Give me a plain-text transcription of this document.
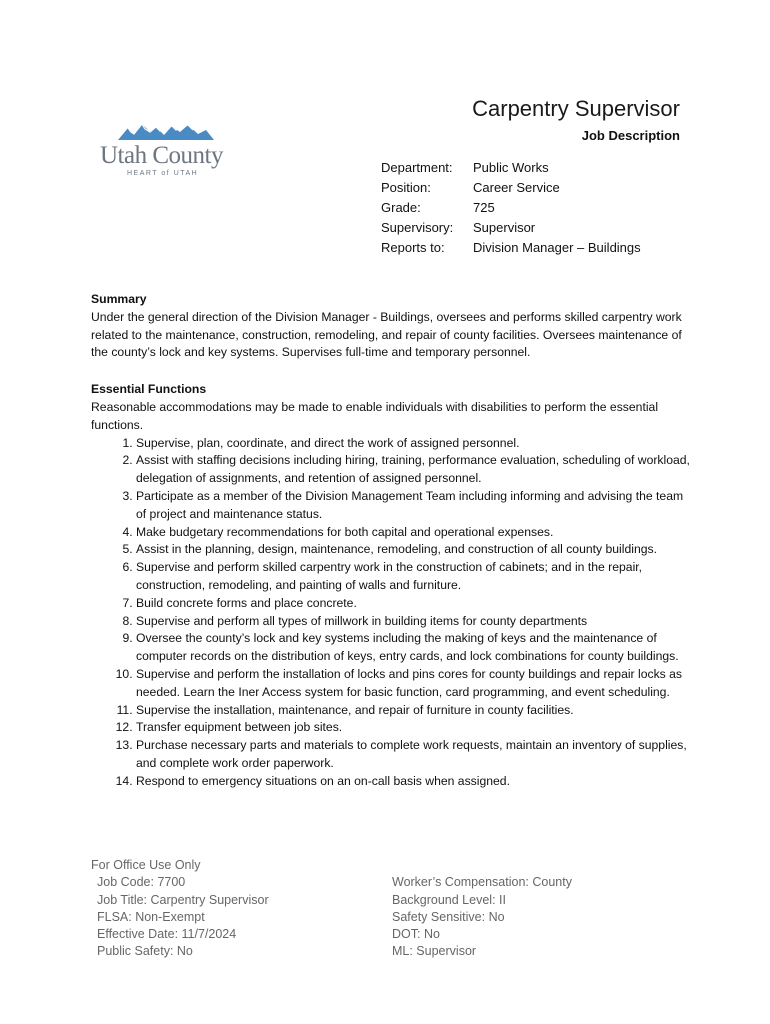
Utah County
HEART of UTAH
Carpentry Supervisor
Job Description
Department:	Public Works
Position:	Career Service
Grade:	725
Supervisory:	Supervisor
Reports to:	Division Manager – Buildings
Summary
Under the general direction of the Division Manager - Buildings, oversees and performs skilled carpentry work related to the maintenance, construction, remodeling, and repair of county facilities. Oversees maintenance of the county’s lock and key systems. Supervises full-time and temporary personnel.
Essential Functions
Reasonable accommodations may be made to enable individuals with disabilities to perform the essential functions.
1. Supervise, plan, coordinate, and direct the work of assigned personnel.
2. Assist with staffing decisions including hiring, training, performance evaluation, scheduling of workload, delegation of assignments, and retention of assigned personnel.
3. Participate as a member of the Division Management Team including informing and advising the team of project and maintenance status.
4. Make budgetary recommendations for both capital and operational expenses.
5. Assist in the planning, design, maintenance, remodeling, and construction of all county buildings.
6. Supervise and perform skilled carpentry work in the construction of cabinets; and in the repair, construction, remodeling, and painting of walls and furniture.
7. Build concrete forms and place concrete.
8. Supervise and perform all types of millwork in building items for county departments
9. Oversee the county’s lock and key systems including the making of keys and the maintenance of computer records on the distribution of keys, entry cards, and lock combinations for county buildings.
10. Supervise and perform the installation of locks and pins cores for county buildings and repair locks as needed. Learn the Iner Access system for basic function, card programming, and event scheduling.
11. Supervise the installation, maintenance, and repair of furniture in county facilities.
12. Transfer equipment between job sites.
13. Purchase necessary parts and materials to complete work requests, maintain an inventory of supplies, and complete work order paperwork.
14. Respond to emergency situations on an on-call basis when assigned.
For Office Use Only
Job Code: 7700
Job Title: Carpentry Supervisor
FLSA: Non-Exempt
Effective Date: 11/7/2024
Public Safety: No
Worker’s Compensation: County
Background Level: II
Safety Sensitive: No
DOT: No
ML: Supervisor
